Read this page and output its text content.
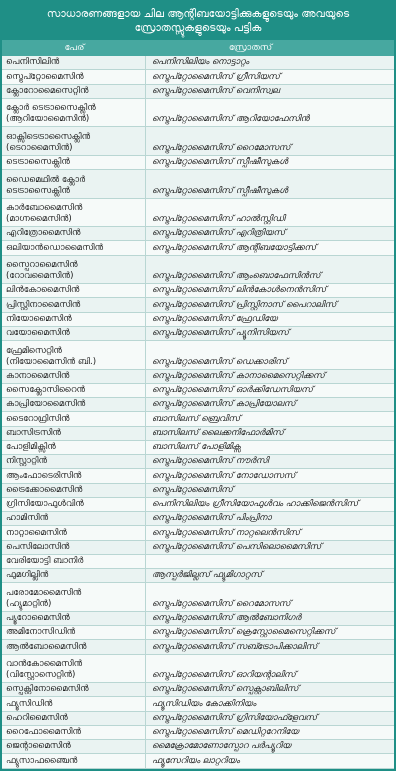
സാധാരണങ്ങളായ ചില ആന്റിബയോട്ടിക്കുകളുടെയും അവയുടെ
സ്രോതസ്സുകളുടെയും പട്ടിക
പേര്	സ്രോതസ്
പെനിസിലിൻ	പെനിസിലിയം നൊട്ടാറ്റം
സ്ട്രെപ്റ്റോമൈസിൻ	സ്ട്രെപ്റ്റോമൈസിസ് ഗ്രീസിയസ്
ക്ലോറോമൈസെറ്റിൻ	സ്ട്രെപ്റ്റോമൈസിസ് വെനിസ്വല
ക്ലോർ ടെട്രാസൈക്ലിൻ
(ആറിയോമൈസിൻ)	സ്ട്രെപ്റ്റോമൈസിസ് ആറിയോഫേസിൻ
ഓക്സിടെട്രാസൈക്ലിൻ
(ടെറാമൈസിൻ)	സ്ട്രെപ്റ്റോമൈസിസ് റൈമോസസ്
ടെട്രാസൈക്ലിൻ	സ്ട്രെപ്റ്റോമൈസിസ് സ്പീഷീസുകൾ
ഡൈമെഥിൽ ക്ലോർ
ടെട്രാസൈക്ലിൻ	സ്ട്രെപ്റ്റോമൈസിസ് സ്പീഷീസുകൾ
കാർബോമൈസിൻ
(മാഗ്നമൈസിൻ)	സ്ട്രെപ്റ്റോമൈസിസ് ഹാൽസ്റ്റിഡി
എറിത്രോമൈസിൻ	സ്ട്രെപ്റ്റോമൈസിസ് എറിത്രിയസ്
ഒലിയാൻഡൊമൈസിൻ	സ്ട്രെപ്റ്റോമൈസിസ് ആന്റിബയോട്ടിക്കസ്
സ്പൈറാമൈസിൻ
(റോവമൈസിൻ)	സ്ട്രെപ്റ്റോമൈസിസ് ആംബൊഫേസിൻസ്
ലിൻകോമൈസിൻ	സ്ട്രെപ്റ്റോമൈസിസ് ലിൻകോൾനെൻസിസ്
പ്രിസ്റ്റിനാമൈസിൻ	സ്ട്രെപ്റ്റോമൈസിസ് പ്രിസ്റ്റിനാസ് പൈറാലിസ്
നിയോമൈസിൻ	സ്ട്രെപ്റ്റോമൈസിസ് ഫ്രേഡിയേ
വയോമൈസിൻ	സ്ട്രെപ്റ്റോമൈസിസ് പ്യൂനിസിയസ്
ഫ്രേമിസെറ്റിൻ
(നിയോമൈസിൻ ബി.)	സ്ട്രെപ്റ്റോമൈസിസ് ഡെക്കാരിസ്
കാനാമൈസിൻ	സ്ട്രെപ്റ്റോമൈസിസ് കാനാമൈസെറ്റിക്കസ്
സൈക്ലോസിറൈൻ	സ്ട്രെപ്റ്റോമൈസിസ് ഓർക്കിഡേസിയസ്
കാപ്രിയോമൈസിൻ	സ്ട്രെപ്റ്റോമൈസിസ് കാപ്രിയോലസ്
ടൈറോഥ്രിസിൻ	ബാസിലസ് ബ്രെവിസ്
ബാസിട്രസിൻ	ബാസിലസ് ലൈക്കനിഫോർമിസ്
പോളിമിക്സിൻ	ബാസിലസ് പോളിമിക്സ
നിസ്റ്റാറ്റിൻ	സ്ട്രെപ്റ്റോമൈസിസ് നൗർസി
ആംഫോടെരിസിൻ	സ്ട്രെപ്റ്റോമൈസിസ് നോഡോസസ്
ട്രൈക്കോമൈസിൻ	സ്ട്രെപ്റ്റോമൈസിസ്
ഗ്രിസിയോഫുൾവിൻ	പെനിസിലിയം ഗ്രീസിയോഫുൾവം ഹാക്കിജെൻസിസ്
ഹാമിസിൻ	സ്ട്രെപ്റ്റോമൈസിസ് പിംപ്രിനാ
നാറ്റാമൈസിൻ	സ്ട്രെപ്റ്റോമൈസിസ് നാറ്റലെൻസിസ്
പെസിലോസിൻ	സ്ട്രെപ്റ്റോമൈസിസ് പെസിലൊമൈസിസ്
വേരിയോട്ടി ബാനിർ
ഫുമഗില്ലിൻ	ആസ്പർജില്ലസ് ഫ്യുമിഗാറ്റസ്
പരോമോമൈസിൻ
(ഹ്യുമാറ്റിൻ)	സ്ട്രെപ്റ്റോമൈസിസ് റൈമോസസ്
പ്യൂറോമൈസിൻ	സ്ട്രെപ്റ്റോമൈസിസ് ആൽബോനിഗർ
അമിനോസിഡിൻ	സ്ട്രെപ്റ്റോമൈസിസ് ക്രെസ്റ്റോമൈസെറ്റിക്കസ്
ആൽബോമൈസിൻ	സ്ട്രെപ്റ്റോമൈസിസ് സബ്ട്രോപിക്കാലിസ്
വാൻകോമൈസിൻ
(വിസ്റ്റോസെറ്റിൻ)	സ്ട്രെപ്റ്റോമൈസിസ് ഓറിയന്റാലിസ്
സ്പെക്റ്റിനോമൈസിൻ	സ്ട്രെപ്റ്റോമൈസിസ് സ്പെക്റ്റാബിലിസ്
ഫ്യൂസിഡിൻ	ഫ്യൂസിഡിയം കോക്കിനിയം
ഹെറിമൈസിൻ	സ്ട്രെപ്റ്റോമൈസിസ് ഗ്രിസിയോഫ്ളേവസ്
റൈഫോമൈസിൻ	സ്ട്രെപ്റ്റോമൈസിസ് മെഡിറ്ററേനിയേ
ജെന്റാമൈസിൻ	മൈക്രോമോണോസ്പോറ പർപ്യൂറിയ
ഫ്യുസാഫഞ്ചൈൻ	ഫ്യൂസേറിയം ലാറ്ററിയം
